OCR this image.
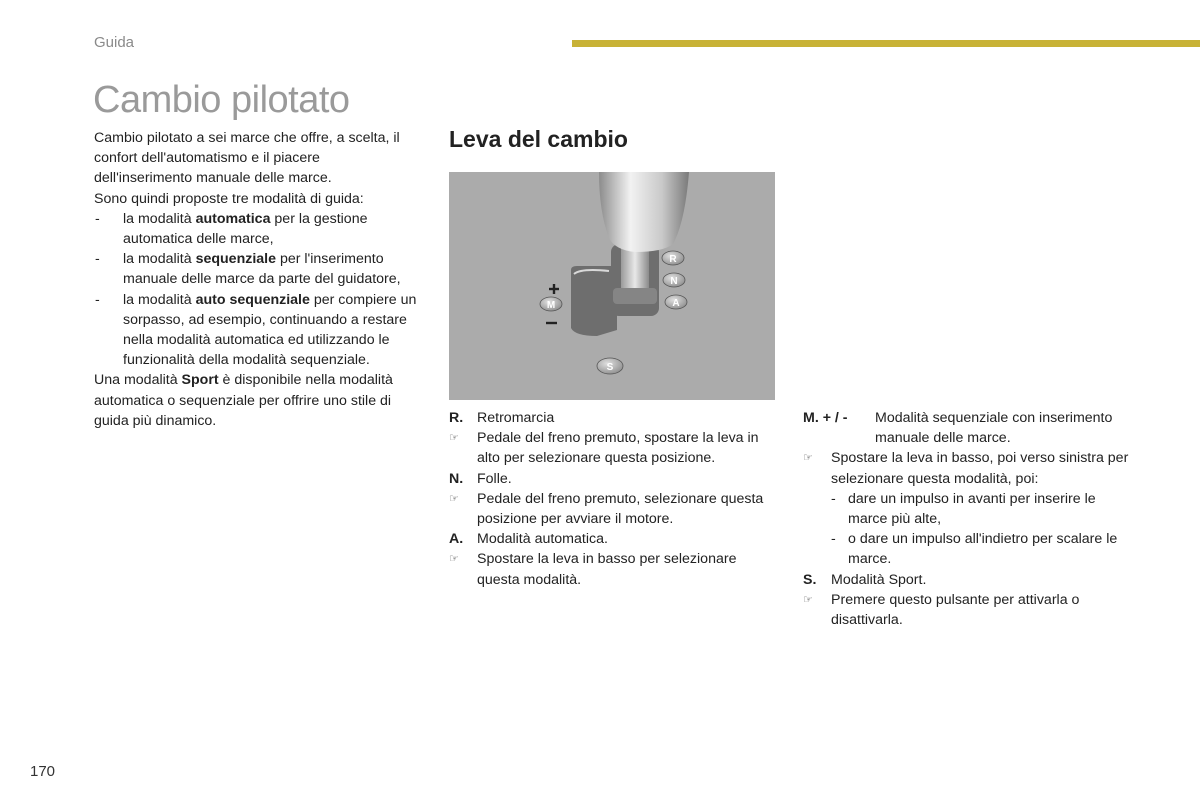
Guida
Cambio pilotato

Cambio pilotato a sei marce che offre, a scelta, il confort dell'automatismo e il piacere dell'inserimento manuale delle marce.

Sono quindi proposte tre modalità di guida:

- la modalità automatica per la gestione automatica delle marce,
- la modalità sequenziale per l'inserimento manuale delle marce da parte del guidatore,
- la modalità auto sequenziale per compiere un sorpasso, ad esempio, continuando a restare nella modalità automatica ed utilizzando le funzionalità della modalità sequenziale.

Una modalità Sport è disponibile nella modalità automatica o sequenziale per offrire uno stile di guida più dinamico.

Leva del cambio
R
N
A
M
S
R. Retromarcia
☞ Pedale del freno premuto, spostare la leva in alto per selezionare questa posizione.
N. Folle.
☞ Pedale del freno premuto, selezionare questa posizione per avviare il motore.
A. Modalità automatica.
☞ Spostare la leva in basso per selezionare questa modalità.
M. + / - Modalità sequenziale con inserimento manuale delle marce.
☞ Spostare la leva in basso, poi verso sinistra per selezionare questa modalità, poi:
- dare un impulso in avanti per inserire le marce più alte,
- o dare un impulso all'indietro per scalare le marce.
S. Modalità Sport.
☞ Premere questo pulsante per attivarla o disattivarla.
170
